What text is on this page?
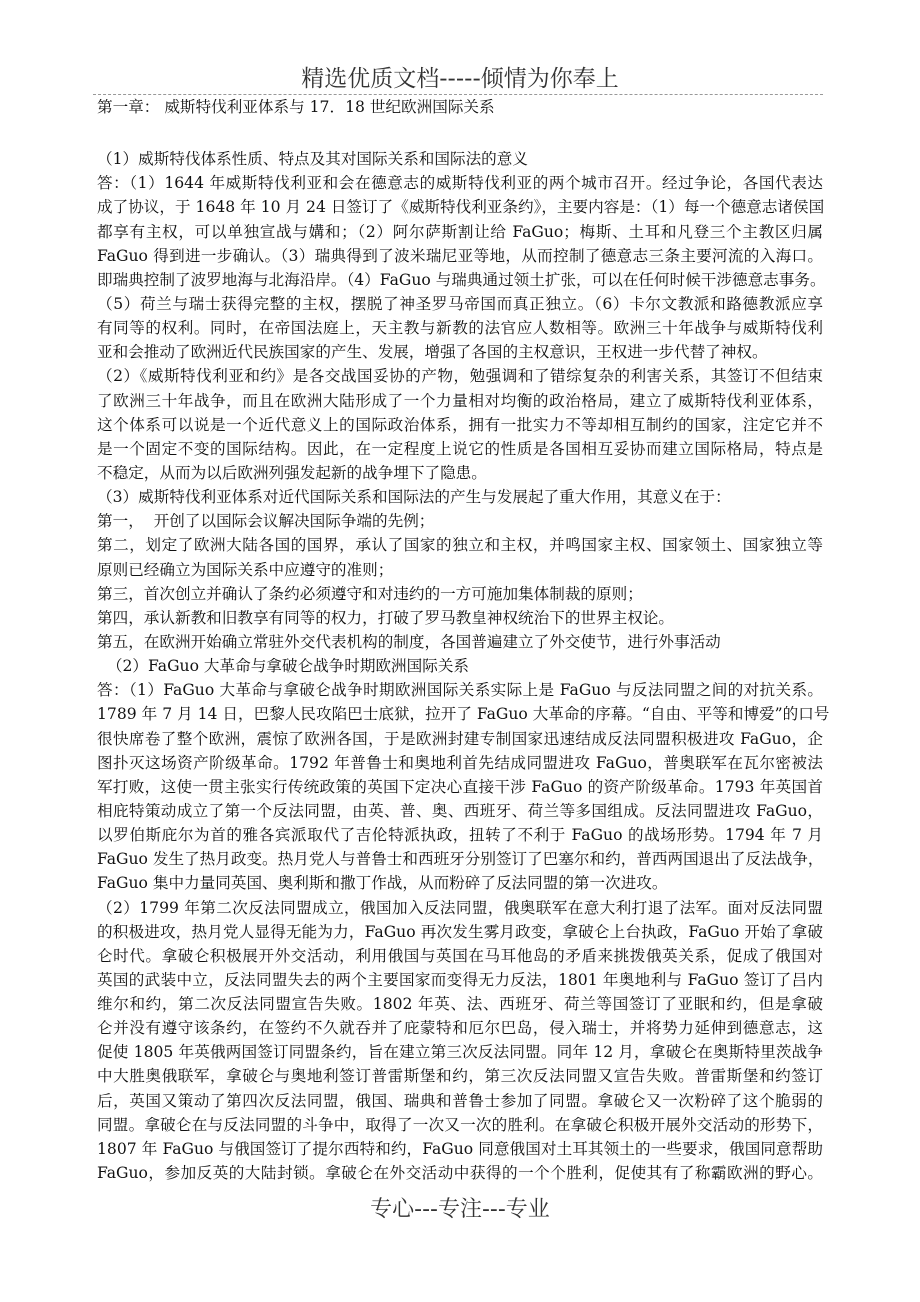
精选优质文档-----倾情为你奉上
第一章： 威斯特伐利亚体系与 17．18 世纪欧洲国际关系
（1）威斯特伐体系性质、特点及其对国际关系和国际法的意义
答：（1）1644 年威斯特伐利亚和会在德意志的威斯特伐利亚的两个城市召开。经过争论，各国代表达
成了协议，于 1648 年 10 月 24 日签订了《威斯特伐利亚条约》，主要内容是：（1）每一个德意志诸侯国
都享有主权，可以单独宣战与媾和；（2）阿尔萨斯割让给 FaGuo；梅斯、土耳和凡登三个主教区归属
FaGuo 得到进一步确认。（3）瑞典得到了波米瑞尼亚等地，从而控制了德意志三条主要河流的入海口。
即瑞典控制了波罗地海与北海沿岸。（4）FaGuo 与瑞典通过领土扩张，可以在任何时候干涉德意志事务。
（5）荷兰与瑞士获得完整的主权，摆脱了神圣罗马帝国而真正独立。（6）卡尔文教派和路德教派应享
有同等的权利。同时，在帝国法庭上，天主教与新教的法官应人数相等。欧洲三十年战争与威斯特伐利
亚和会推动了欧洲近代民族国家的产生、发展，增强了各国的主权意识，王权进一步代替了神权。
（2）《威斯特伐利亚和约》是各交战国妥协的产物，勉强调和了错综复杂的利害关系，其签订不但结束
了欧洲三十年战争，而且在欧洲大陆形成了一个力量相对均衡的政治格局，建立了威斯特伐利亚体系，
这个体系可以说是一个近代意义上的国际政治体系，拥有一批实力不等却相互制约的国家，注定它并不
是一个固定不变的国际结构。因此，在一定程度上说它的性质是各国相互妥协而建立国际格局，特点是
不稳定，从而为以后欧洲列强发起新的战争埋下了隐患。
（3）威斯特伐利亚体系对近代国际关系和国际法的产生与发展起了重大作用，其意义在于：
第一，  开创了以国际会议解决国际争端的先例；
第二，划定了欧洲大陆各国的国界，承认了国家的独立和主权，并鸣国家主权、国家领土、国家独立等
原则已经确立为国际关系中应遵守的准则；
第三，首次创立并确认了条约必须遵守和对违约的一方可施加集体制裁的原则；
第四，承认新教和旧教享有同等的权力，打破了罗马教皇神权统治下的世界主权论。
第五，在欧洲开始确立常驻外交代表机构的制度，各国普遍建立了外交使节，进行外事活动
（2）FaGuo 大革命与拿破仑战争时期欧洲国际关系
答：（1）FaGuo 大革命与拿破仑战争时期欧洲国际关系实际上是 FaGuo 与反法同盟之间的对抗关系。
1789 年 7 月 14 日，巴黎人民攻陷巴士底狱，拉开了 FaGuo 大革命的序幕。“自由、平等和博爱”的口号
很快席卷了整个欧洲，震惊了欧洲各国，于是欧洲封建专制国家迅速结成反法同盟积极进攻 FaGuo，企
图扑灭这场资产阶级革命。1792 年普鲁士和奥地利首先结成同盟进攻 FaGuo，普奥联军在瓦尔密被法
军打败，这使一贯主张实行传统政策的英国下定决心直接干涉 FaGuo 的资产阶级革命。1793 年英国首
相庇特策动成立了第一个反法同盟，由英、普、奥、西班牙、荷兰等多国组成。反法同盟进攻 FaGuo，
以罗伯斯庇尔为首的雅各宾派取代了吉伦特派执政，扭转了不利于 FaGuo 的战场形势。1794 年 7 月
FaGuo 发生了热月政变。热月党人与普鲁士和西班牙分别签订了巴塞尔和约，普西两国退出了反法战争，
FaGuo 集中力量同英国、奥利斯和撒丁作战，从而粉碎了反法同盟的第一次进攻。
（2）1799 年第二次反法同盟成立，俄国加入反法同盟，俄奥联军在意大利打退了法军。面对反法同盟
的积极进攻，热月党人显得无能为力，FaGuo 再次发生雾月政变，拿破仑上台执政，FaGuo 开始了拿破
仑时代。拿破仑积极展开外交活动，利用俄国与英国在马耳他岛的矛盾来挑拨俄英关系，促成了俄国对
英国的武装中立，反法同盟失去的两个主要国家而变得无力反法，1801 年奥地利与 FaGuo 签订了吕内
维尔和约，第二次反法同盟宣告失败。1802 年英、法、西班牙、荷兰等国签订了亚眠和约，但是拿破
仑并没有遵守该条约，在签约不久就吞并了庇蒙特和厄尔巴岛，侵入瑞士，并将势力延伸到德意志，这
促使 1805 年英俄两国签订同盟条约，旨在建立第三次反法同盟。同年 12 月，拿破仑在奥斯特里茨战争
中大胜奥俄联军，拿破仑与奥地利签订普雷斯堡和约，第三次反法同盟又宣告失败。普雷斯堡和约签订
后，英国又策动了第四次反法同盟，俄国、瑞典和普鲁士参加了同盟。拿破仑又一次粉碎了这个脆弱的
同盟。拿破仑在与反法同盟的斗争中，取得了一次又一次的胜利。在拿破仑积极开展外交活动的形势下，
1807 年 FaGuo 与俄国签订了提尔西特和约，FaGuo 同意俄国对土耳其领土的一些要求，俄国同意帮助
FaGuo，参加反英的大陆封锁。拿破仑在外交活动中获得的一个个胜利，促使其有了称霸欧洲的野心。
专心---专注---专业
